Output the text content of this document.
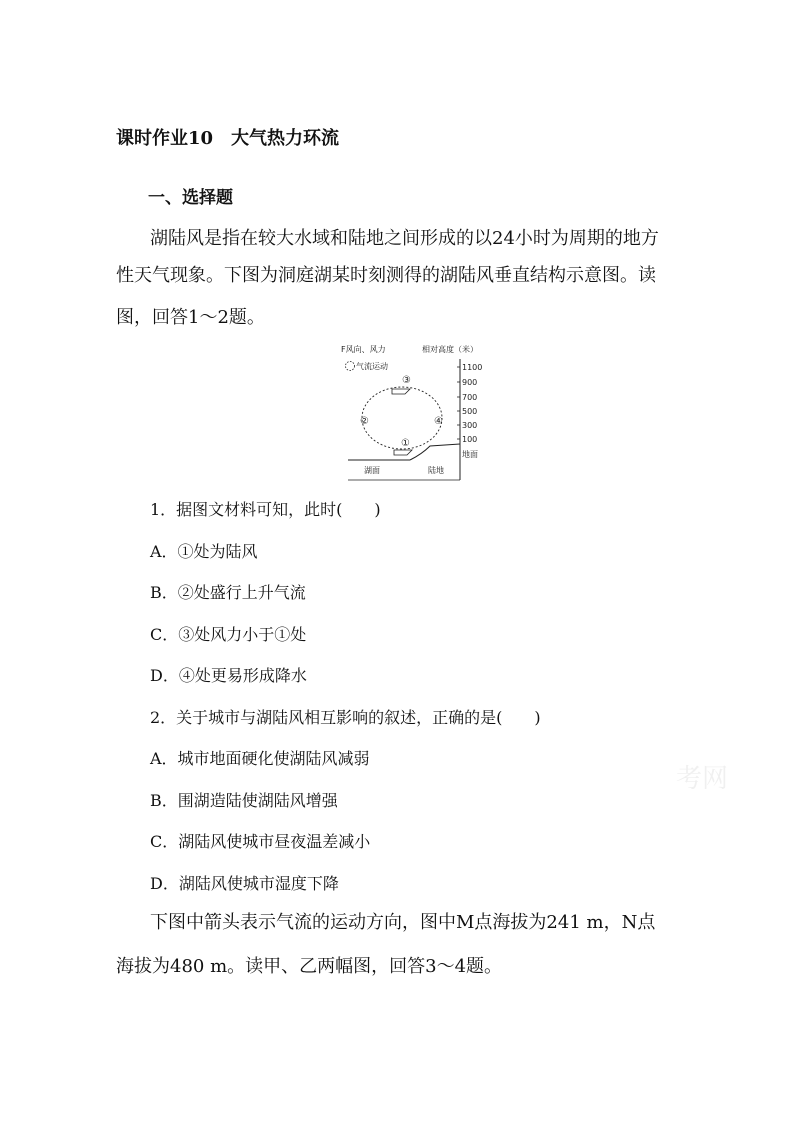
课时作业10　大气热力环流
一、选择题
湖陆风是指在较大水域和陆地之间形成的以24小时为周期的地方
性天气现象。下图为洞庭湖某时刻测得的湖陆风垂直结构示意图。读
图，回答1～2题。
F风向、风力
气流运动
相对高度（米）
1100
900
700
500
300
100
地面
③
②	④
①
湖面	陆地
1．据图文材料可知，此时(　　)
A．①处为陆风
B．②处盛行上升气流
C．③处风力小于①处
D．④处更易形成降水
2．关于城市与湖陆风相互影响的叙述，正确的是(　　)
A．城市地面硬化使湖陆风减弱
B．围湖造陆使湖陆风增强
C．湖陆风使城市昼夜温差减小
D．湖陆风使城市湿度下降
下图中箭头表示气流的运动方向，图中M点海拔为241 m，N点
海拔为480 m。读甲、乙两幅图，回答3～4题。
考网
